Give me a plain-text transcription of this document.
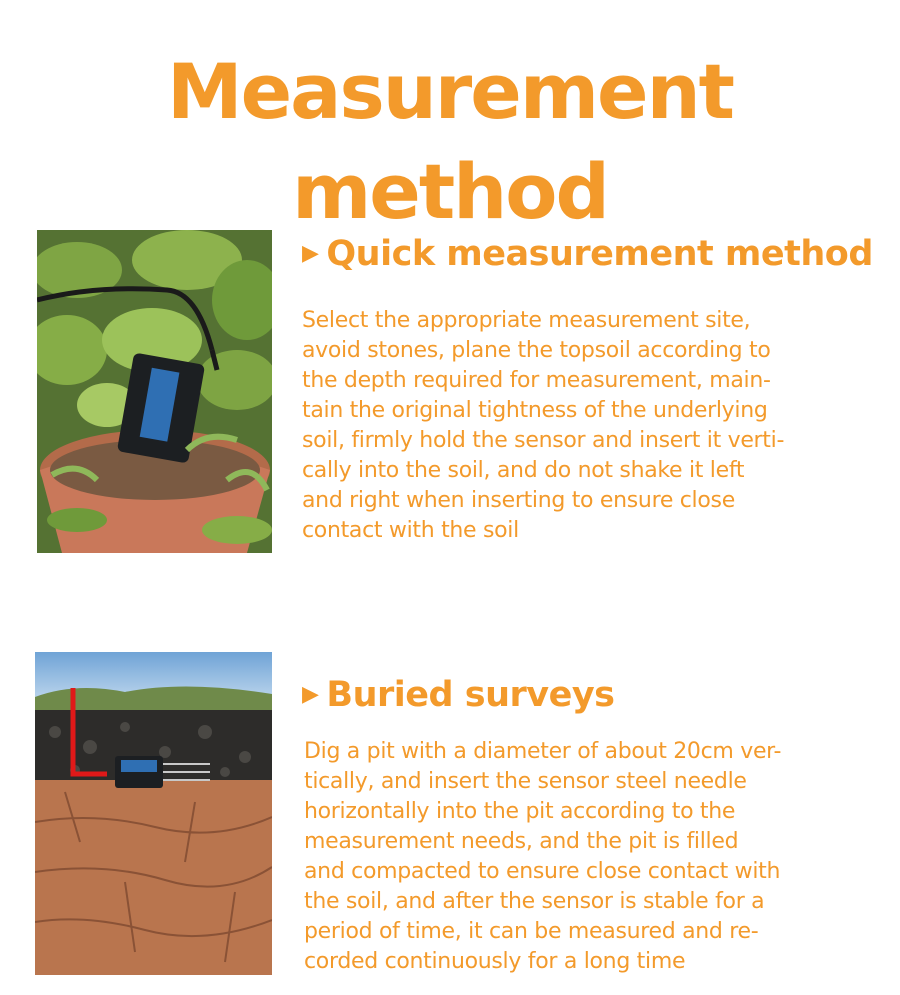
Measurement method
▶ Quick measurement method

Select the appropriate measurement site,
avoid stones, plane the topsoil according to
the depth required for measurement, main-
tain the original tightness of the underlying
soil, firmly hold the sensor and insert it verti-
cally into the soil, and do not shake it left
and right when inserting to ensure close
contact with the soil

▶ Buried surveys

Dig a pit with a diameter of about 20cm ver-
tically, and insert the sensor steel needle
horizontally into the pit according to the
measurement needs, and the pit is filled
and compacted to ensure close contact with
the soil, and after the sensor is stable for a
period of time, it can be measured and re-
corded continuously for a long time
